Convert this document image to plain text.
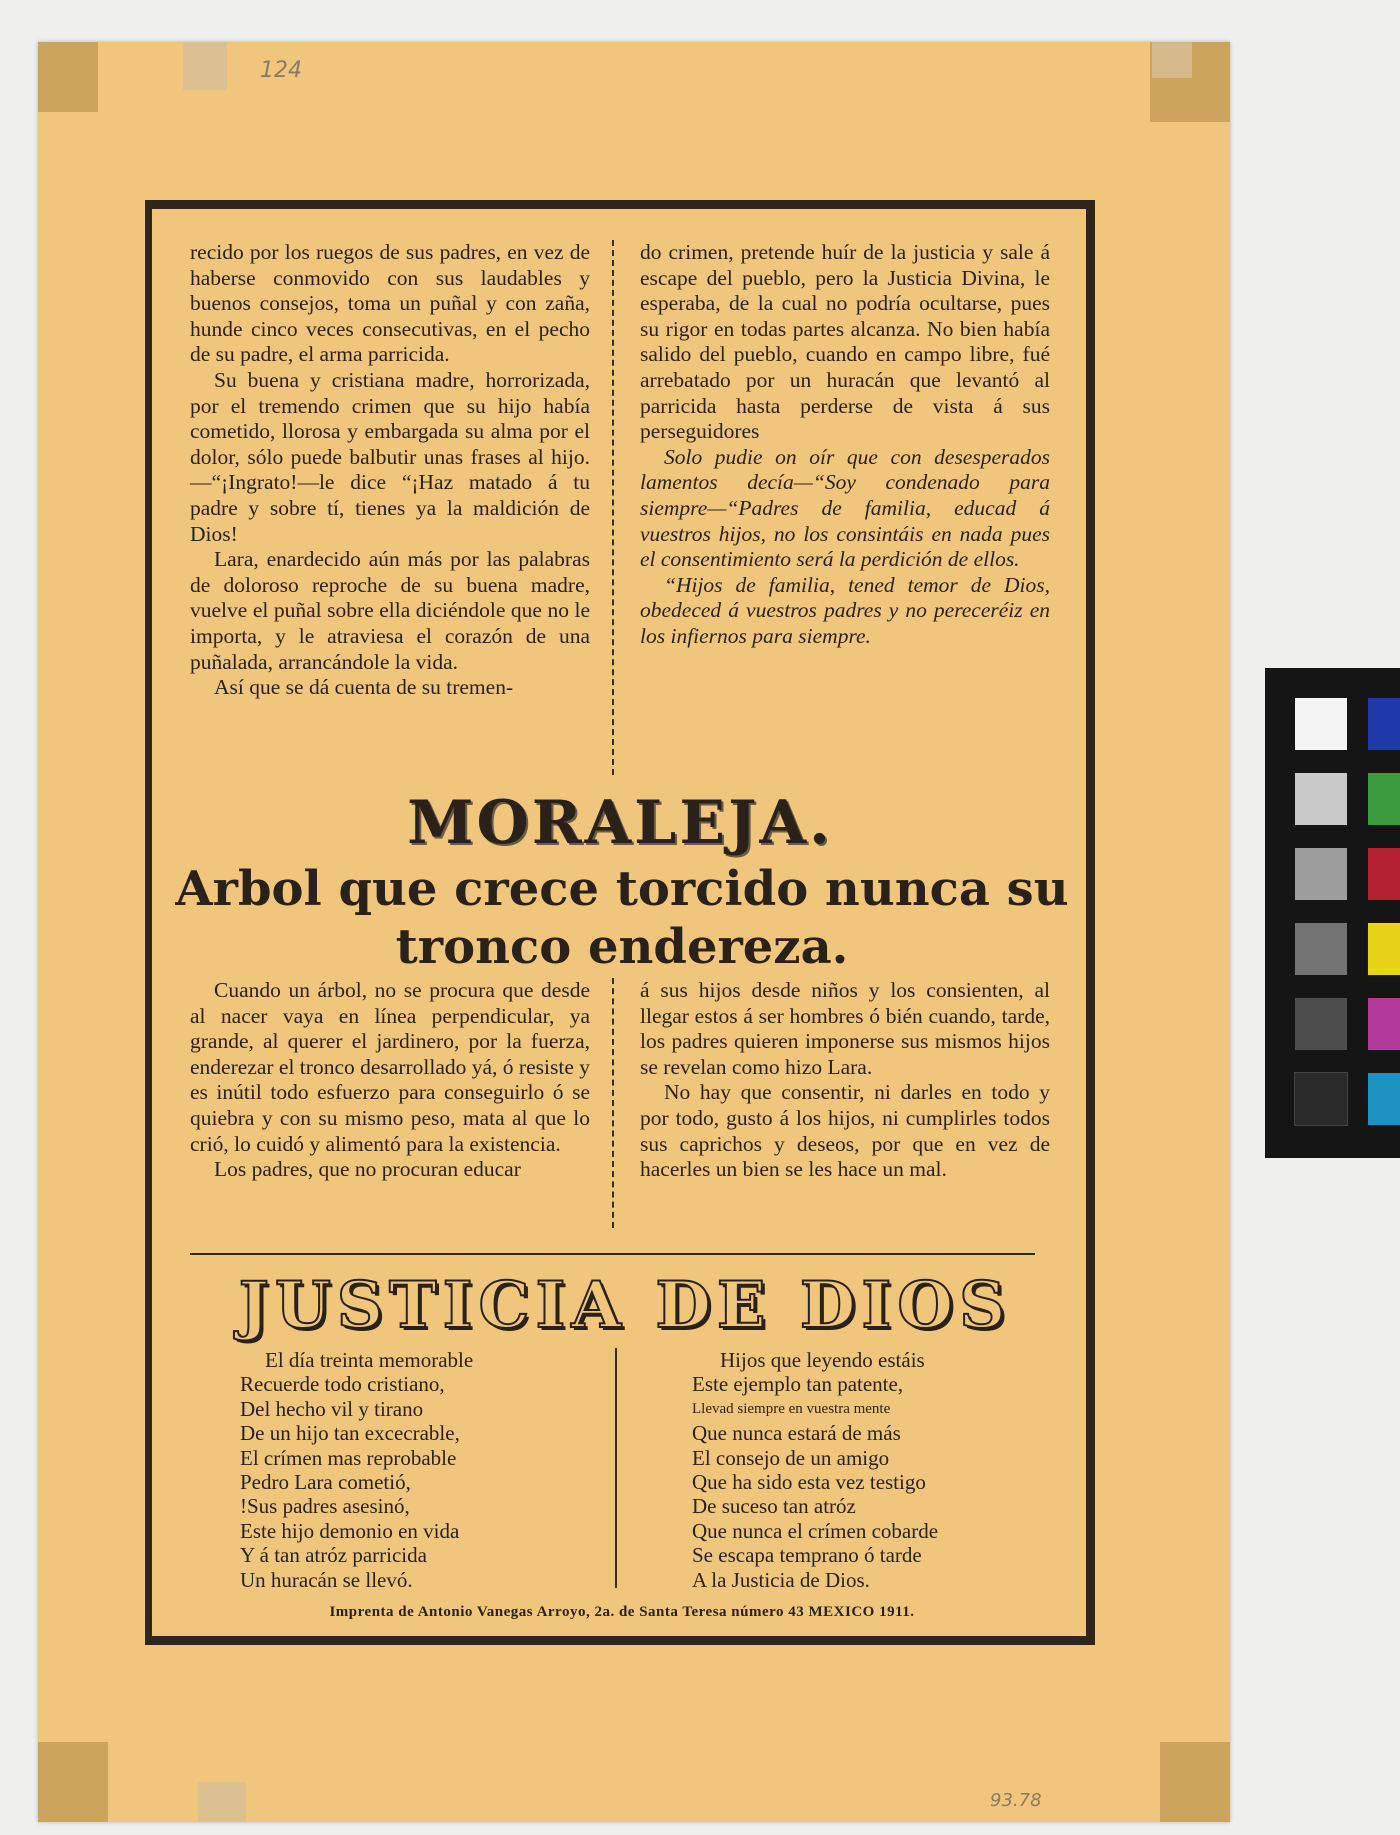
124
93.78

recido por los ruegos de sus padres, en vez de haberse conmovido con sus laudables y buenos consejos, toma un puñal y con zaña, hunde cinco veces consecutivas, en el pecho de su padre, el arma parricida.

Su buena y cristiana madre, horrorizada, por el tremendo crimen que su hijo había cometido, llorosa y embargada su alma por el dolor, sólo puede balbutir unas frases al hijo. —“¡Ingrato!—le dice “¡Haz matado á tu padre y sobre tí, tienes ya la maldición de Dios!

Lara, enardecido aún más por las palabras de doloroso reproche de su buena madre, vuelve el puñal sobre ella diciéndole que no le importa, y le atraviesa el corazón de una puñalada, arrancándole la vida.

Así que se dá cuenta de su tremen-

do crimen, pretende huír de la justicia y sale á escape del pueblo, pero la Justicia Divina, le esperaba, de la cual no podría ocultarse, pues su rigor en todas partes alcanza. No bien había salido del pueblo, cuando en campo libre, fué arrebatado por un huracán que levantó al parricida hasta perderse de vista á sus perseguidores

Solo pudie on oír que con desesperados lamentos decía—“Soy condenado para siempre—“Padres de familia, educad á vuestros hijos, no los consintáis en nada pues el consentimiento será la perdición de ellos.

“Hijos de familia, tened temor de Dios, obedeced á vuestros padres y no pereceréiz en los infiernos para siempre.

MORALEJA.
Arbol que crece torcido nunca su
tronco endereza.

Cuando un árbol, no se procura que desde al nacer vaya en línea perpendicular, ya grande, al querer el jardinero, por la fuerza, enderezar el tronco desarrollado yá, ó resiste y es inútil todo esfuerzo para conseguirlo ó se quiebra y con su mismo peso, mata al que lo crió, lo cuidó y alimentó para la existencia.

Los padres, que no procuran educar

á sus hijos desde niños y los consienten, al llegar estos á ser hombres ó bién cuando, tarde, los padres quieren imponerse sus mismos hijos se revelan como hizo Lara.

No hay que consentir, ni darles en todo y por todo, gusto á los hijos, ni cumplirles todos sus caprichos y deseos, por que en vez de hacerles un bien se les hace un mal.

JUSTICIA DE DIOS
El día treinta memorable
Recuerde todo cristiano,
Del hecho vil y tirano
De un hijo tan excecrable,
El crímen mas reprobable
Pedro Lara cometió,
!Sus padres asesinó,
Este hijo demonio en vida
Y á tan atróz parricida
Un huracán se llevó.
Hijos que leyendo estáis
Este ejemplo tan patente,
Llevad siempre en vuestra mente
Que nunca estará de más
El consejo de un amigo
Que ha sido esta vez testigo
De suceso tan atróz
Que nunca el crímen cobarde
Se escapa temprano ó tarde
A la Justicia de Dios.
Imprenta de Antonio Vanegas Arroyo, 2a. de Santa Teresa número 43 MEXICO 1911.
